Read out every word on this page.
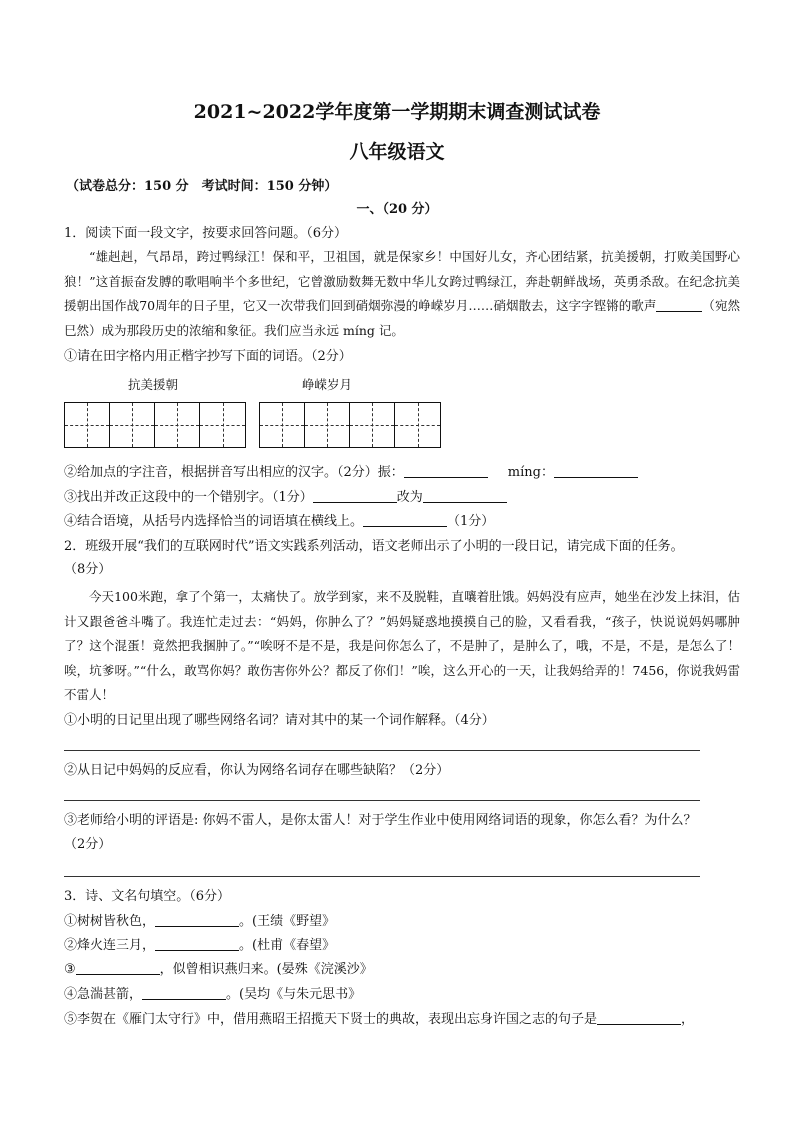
2021~2022学年度第一学期期末调查测试试卷
八年级语文
（试卷总分：150 分　考试时间：150 分钟）
一、（20 分）
1．阅读下面一段文字，按要求回答问题。（6分）
“雄赳赳，气昂昂，跨过鸭绿江！保和平，卫祖国，就是保家乡！中国好儿女，齐心团结紧，抗美援朝，打败美国野心狼！”这首振奋发膊的歌唱响半个多世纪，它曾激励数舞无数中华儿女跨过鸭绿江，奔赴朝鲜战场，英勇杀敌。在纪念抗美援朝出国作战70周年的日子里，它又一次带我们回到硝烟弥漫的峥嵘岁月……硝烟散去，这字字铿锵的歌声	（宛然　　巳然）成为那段历史的浓缩和象征。我们应当永远 míng 记。
①请在田字格内用正楷字抄写下面的词语。（2分）
抗美援朝	峥嵘岁月
②给加点的字注音，根据拼音写出相应的汉字。（2分）振：	míng：
③找出并改正这段中的一个错别字。（1分）	改为
④结合语境，从括号内选择恰当的词语填在横线上。	（1分）
2．班级开展“我们的互联网时代”语文实践系列活动，语文老师出示了小明的一段日记，请完成下面的任务。
（8分）
今天100米跑，拿了个第一，太痛快了。放学到家，来不及脱鞋，直嚷着肚饿。妈妈没有应声，她坐在沙发上抹泪，估计又跟爸爸斗嘴了。我连忙走过去：“妈妈，你肿么了？”妈妈疑惑地摸摸自己的脸，又看看我，“孩子，快说说妈妈哪肿了？这个混蛋！竟然把我捆肿了。”“唉呀不是不是，我是问你怎么了，不是肿了，是肿么了，哦，不是，不是，是怎么了！唉，坑爹呀。”“什么，敢骂你妈？敢伤害你外公？都反了你们！”唉，这么开心的一天，让我妈给弄的！7456，你说我妈雷不雷人！
①小明的日记里出现了哪些网络名词？请对其中的某一个词作解释。（4分）
②从日记中妈妈的反应看，你认为网络名词存在哪些缺陷？（2分）
③老师给小明的评语是: 你妈不雷人，是你太雷人！对于学生作业中使用网络词语的现象，你怎么看？为什么？
（2分）
3．诗、文名句填空。（6分）
①树树皆秋色，	。(王绩《野望》
②烽火连三月，	。(杜甫《春望》
③	，似曾相识燕归来。(晏殊《浣溪沙》
④急湍甚箭，	。(吴均《与朱元思书》
⑤李贺在《雁门太守行》中，借用燕昭王招揽天下贤士的典故，表现出忘身许国之志的句子是	，
